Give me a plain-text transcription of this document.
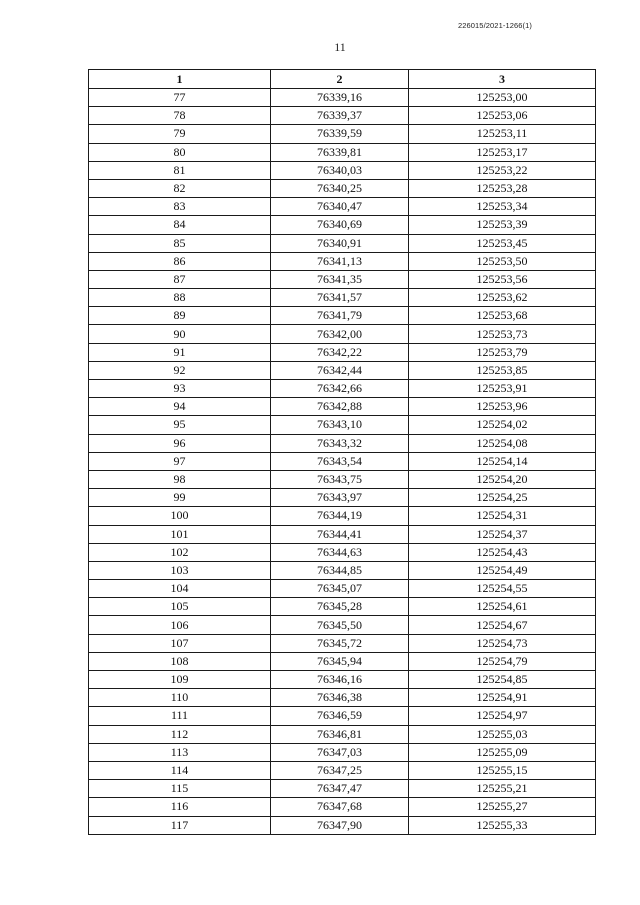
226015/2021-1266(1)
11
1	2	3
77	76339,16	125253,00
78	76339,37	125253,06
79	76339,59	125253,11
80	76339,81	125253,17
81	76340,03	125253,22
82	76340,25	125253,28
83	76340,47	125253,34
84	76340,69	125253,39
85	76340,91	125253,45
86	76341,13	125253,50
87	76341,35	125253,56
88	76341,57	125253,62
89	76341,79	125253,68
90	76342,00	125253,73
91	76342,22	125253,79
92	76342,44	125253,85
93	76342,66	125253,91
94	76342,88	125253,96
95	76343,10	125254,02
96	76343,32	125254,08
97	76343,54	125254,14
98	76343,75	125254,20
99	76343,97	125254,25
100	76344,19	125254,31
101	76344,41	125254,37
102	76344,63	125254,43
103	76344,85	125254,49
104	76345,07	125254,55
105	76345,28	125254,61
106	76345,50	125254,67
107	76345,72	125254,73
108	76345,94	125254,79
109	76346,16	125254,85
110	76346,38	125254,91
111	76346,59	125254,97
112	76346,81	125255,03
113	76347,03	125255,09
114	76347,25	125255,15
115	76347,47	125255,21
116	76347,68	125255,27
117	76347,90	125255,33
